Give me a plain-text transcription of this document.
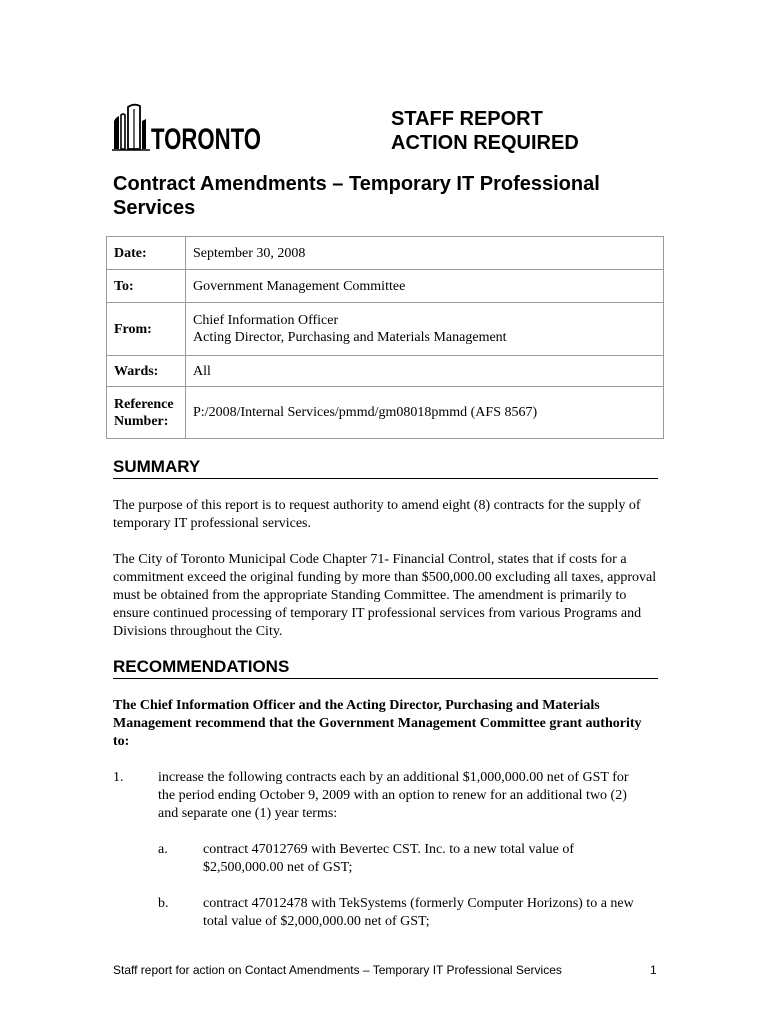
TORONTO
STAFF REPORT
ACTION REQUIRED
Contract Amendments – Temporary IT Professional Services
Date:	September 30, 2008
To:	Government Management Committee
From:	Chief Information Officer
Acting Director, Purchasing and Materials Management

Wards:	All

Reference
Number:	P:/2008/Internal Services/pmmd/gm08018pmmd (AFS 8567)
SUMMARY
The purpose of this report is to request authority to amend eight (8) contracts for the supply of temporary IT professional services.
The City of Toronto Municipal Code Chapter 71- Financial Control, states that if costs for a commitment exceed the original funding by more than $500,000.00 excluding all taxes, approval must be obtained from the appropriate Standing Committee. The amendment is primarily to ensure continued processing of temporary IT professional services from various Programs and Divisions throughout the City.
RECOMMENDATIONS
The Chief Information Officer and the Acting Director, Purchasing and Materials Management recommend that the Government Management Committee grant authority to:
1. increase the following contracts each by an additional $1,000,000.00 net of GST for the period ending October 9, 2009 with an option to renew for an additional two (2) and separate one (1) year terms:
a.	contract 47012769 with Bevertec CST. Inc. to a new total value of $2,500,000.00 net of GST;
b. contract 47012478 with TekSystems (formerly Computer Horizons) to a new total value of $2,000,000.00 net of GST;
Staff report for action on Contact Amendments – Temporary IT Professional Services	1
